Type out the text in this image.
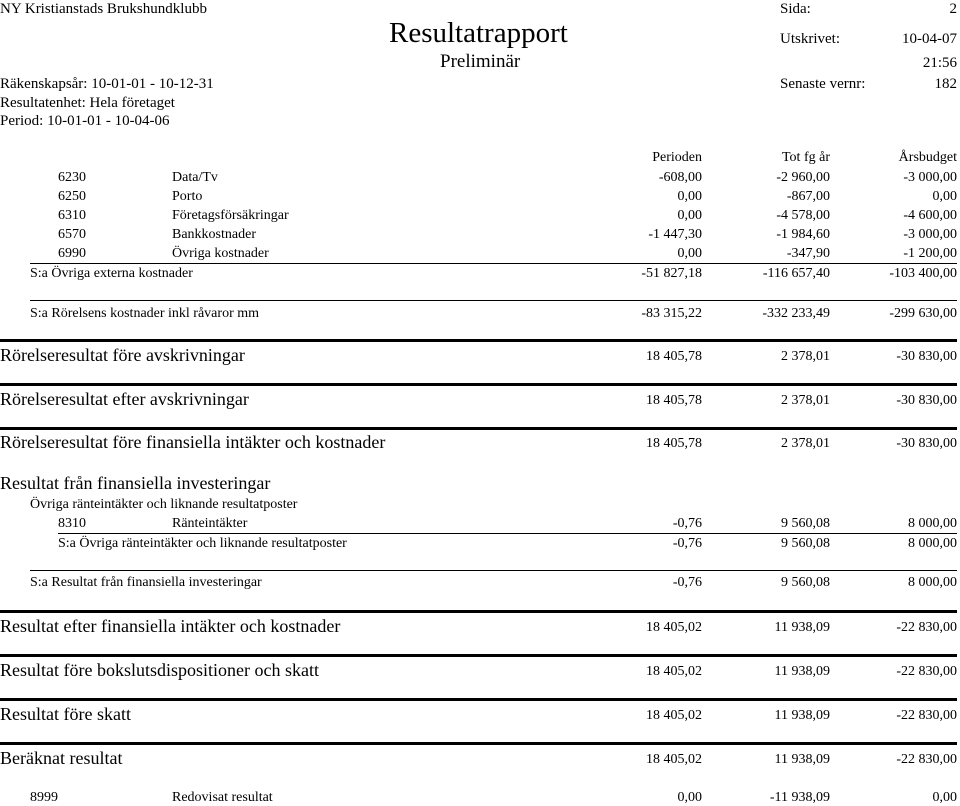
NY Kristianstads Brukshundklubb
Resultatrapport
Preliminär
Sida:	2
Utskrivet:	10-04-07
21:56
Räkenskapsår: 10-01-01 - 10-12-31	Senaste vernr:	182
Resultatenhet: Hela företaget
Period: 10-01-01 - 10-04-06
Perioden	Tot fg år	Årsbudget
6230	Data/Tv	-608,00	-2 960,00	-3 000,00
6250	Porto	0,00	-867,00	0,00
6310	Företagsförsäkringar	0,00	-4 578,00	-4 600,00
6570	Bankkostnader	-1 447,30	-1 984,60	-3 000,00
6990	Övriga kostnader	0,00	-347,90	-1 200,00
S:a Övriga externa kostnader	-51 827,18	-116 657,40	-103 400,00
S:a Rörelsens kostnader inkl råvaror mm	-83 315,22	-332 233,49	-299 630,00
Rörelseresultat före avskrivningar	18 405,78	2 378,01	-30 830,00
Rörelseresultat efter avskrivningar	18 405,78	2 378,01	-30 830,00
Rörelseresultat före finansiella intäkter och kostnader	18 405,78	2 378,01	-30 830,00
Resultat från finansiella investeringar
Övriga ränteintäkter och liknande resultatposter
8310	Ränteintäkter	-0,76	9 560,08	8 000,00
S:a Övriga ränteintäkter och liknande resultatposter	-0,76	9 560,08	8 000,00
S:a Resultat från finansiella investeringar	-0,76	9 560,08	8 000,00
Resultat efter finansiella intäkter och kostnader	18 405,02	11 938,09	-22 830,00
Resultat före bokslutsdispositioner och skatt	18 405,02	11 938,09	-22 830,00
Resultat före skatt	18 405,02	11 938,09	-22 830,00
Beräknat resultat	18 405,02	11 938,09	-22 830,00
8999	Redovisat resultat	0,00	-11 938,09	0,00
